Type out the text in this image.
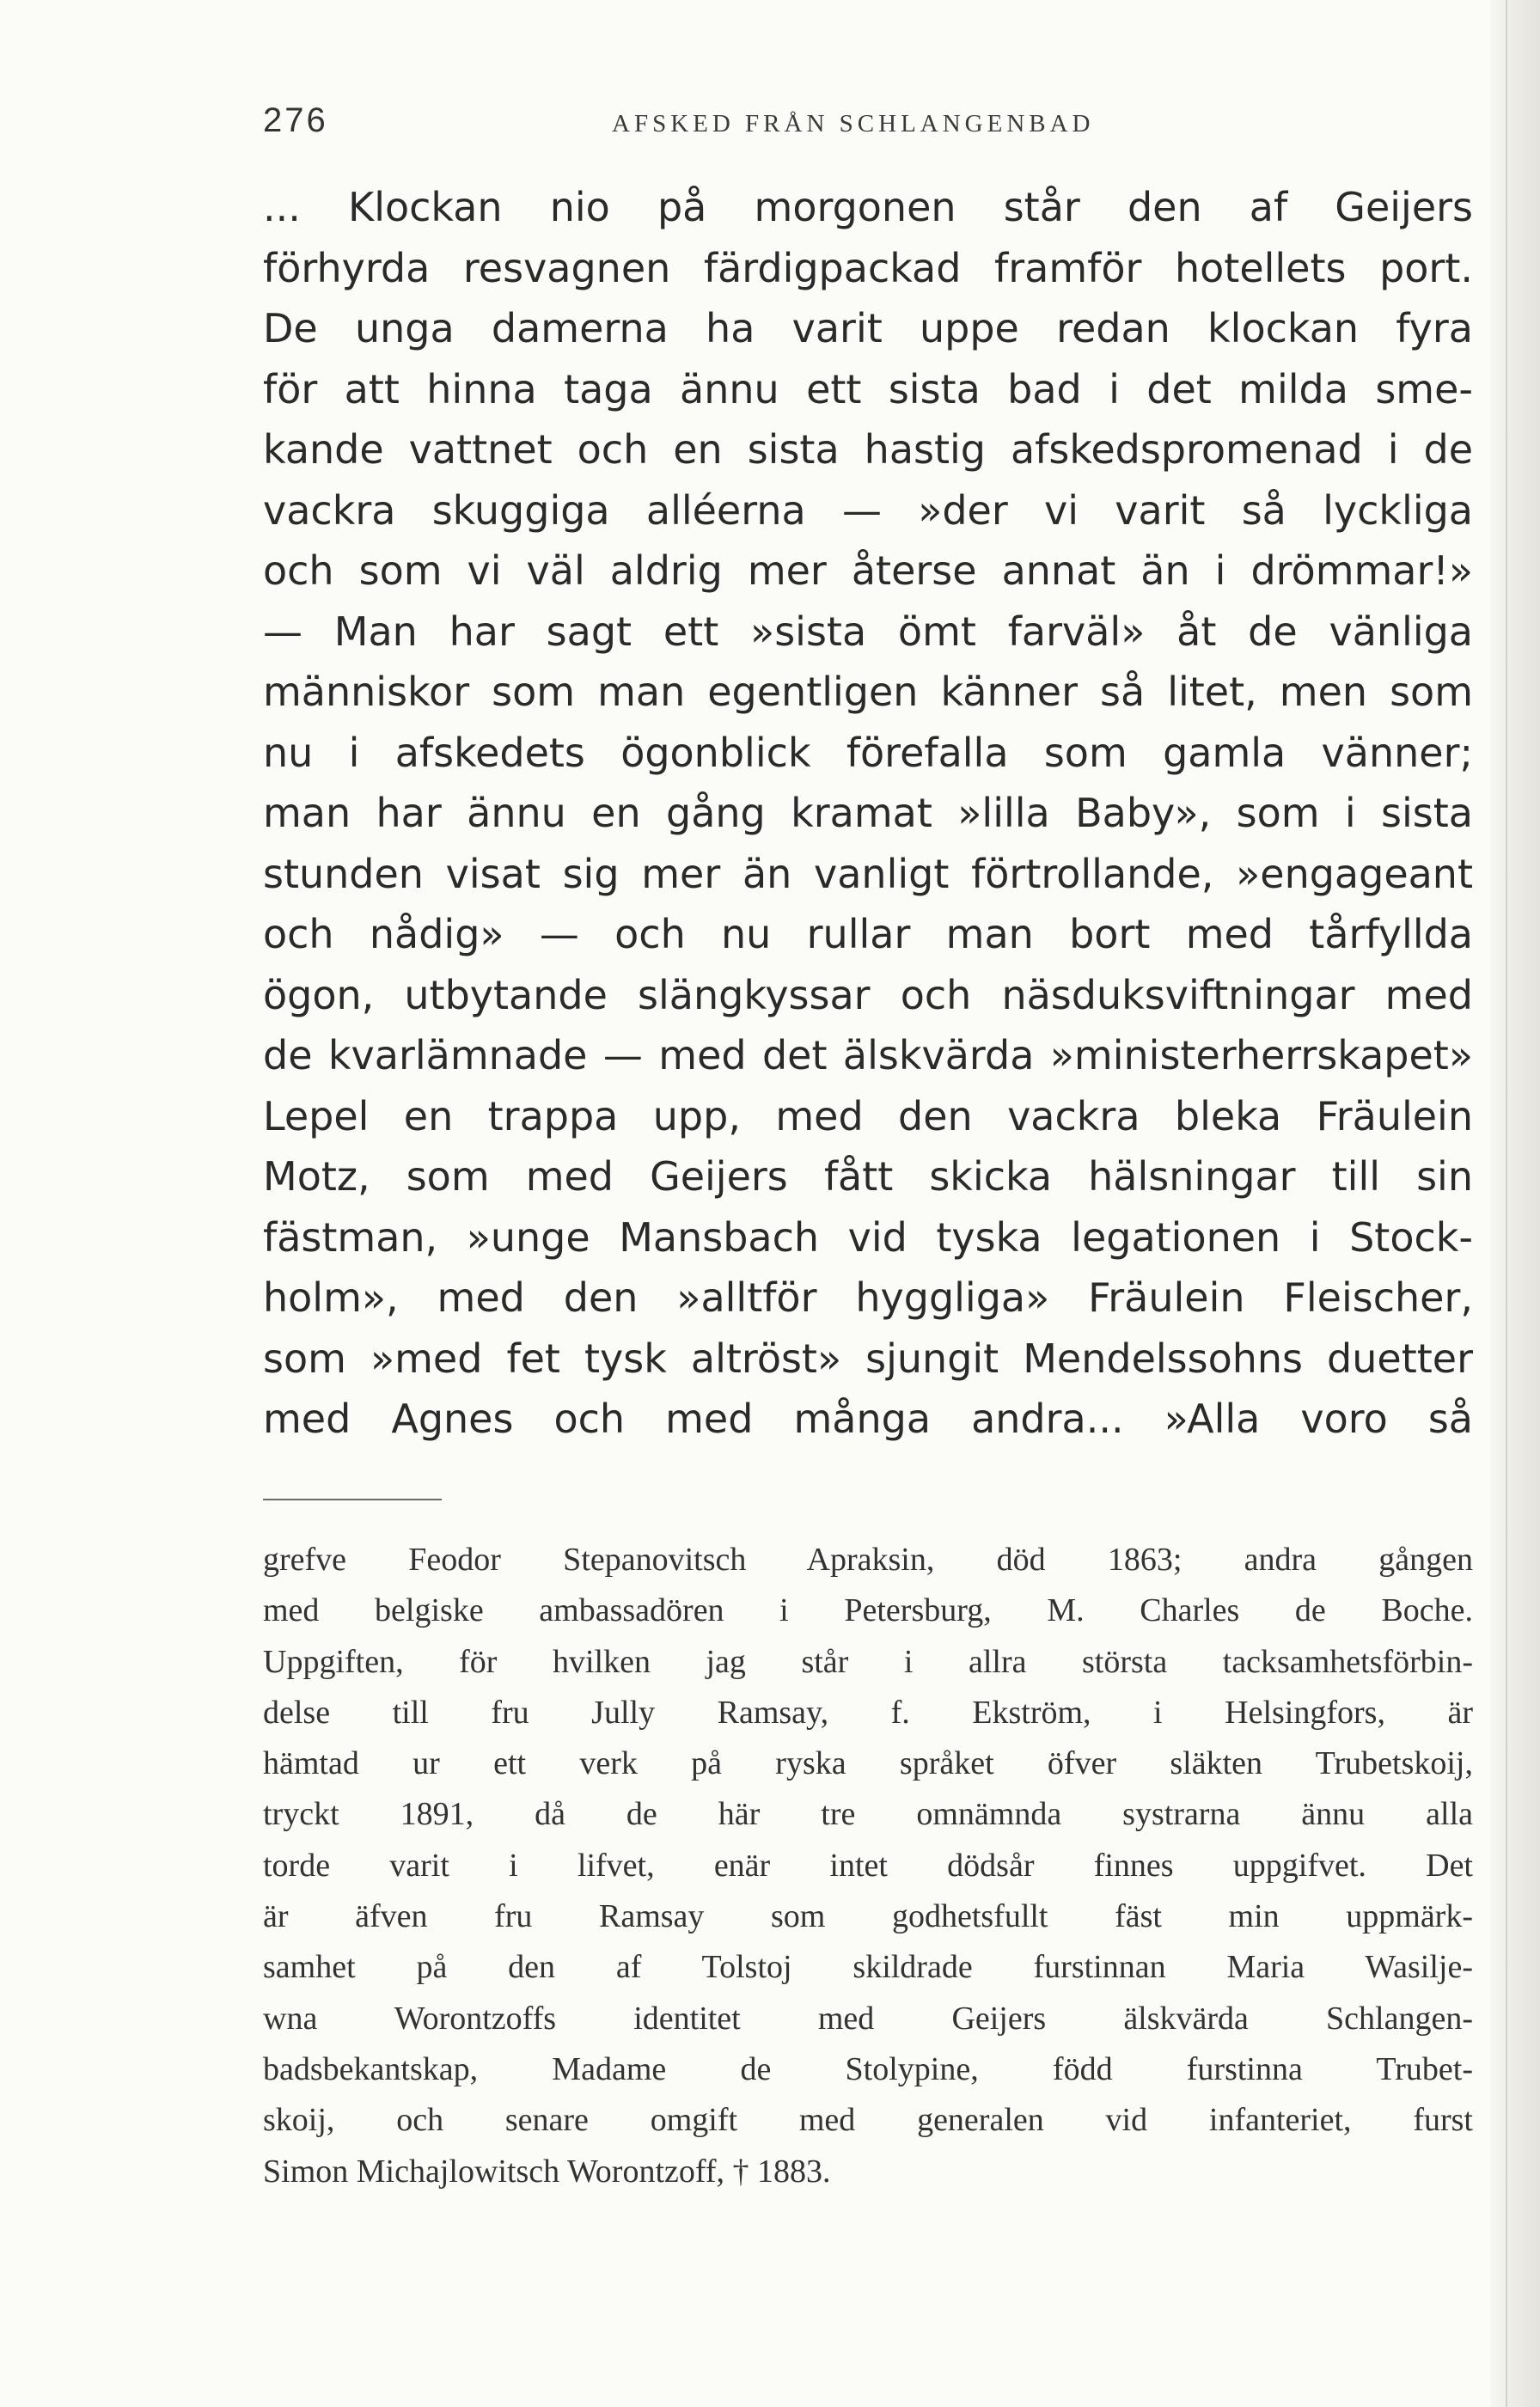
276	AFSKED FRÅN SCHLANGENBAD
... Klockan nio på morgonen står den af Geijers
förhyrda resvagnen färdigpackad framför hotellets port.
De unga damerna ha varit uppe redan klockan fyra
för att hinna taga ännu ett sista bad i det milda sme-
kande vattnet och en sista hastig afskedspromenad i de
vackra skuggiga alléerna — »der vi varit så lyckliga
och som vi väl aldrig mer återse annat än i drömmar!»
— Man har sagt ett »sista ömt farväl» åt de vänliga
människor som man egentligen känner så litet, men som
nu i afskedets ögonblick förefalla som gamla vänner;
man har ännu en gång kramat »lilla Baby», som i sista
stunden visat sig mer än vanligt förtrollande, »engageant
och nådig» — och nu rullar man bort med tårfyllda
ögon, utbytande slängkyssar och näsduksviftningar med
de kvarlämnade — med det älskvärda »ministerherrskapet»
Lepel en trappa upp, med den vackra bleka Fräulein
Motz, som med Geijers fått skicka hälsningar till sin
fästman, »unge Mansbach vid tyska legationen i Stock-
holm», med den »alltför hyggliga» Fräulein Fleischer,
som »med fet tysk altröst» sjungit Mendelssohns duetter
med Agnes och med många andra... »Alla voro så
grefve Feodor Stepanovitsch Apraksin, död 1863; andra gången
med belgiske ambassadören i Petersburg, M. Charles de Boche.
Uppgiften, för hvilken jag står i allra största tacksamhetsförbin-
delse till fru Jully Ramsay, f. Ekström, i Helsingfors, är
hämtad ur ett verk på ryska språket öfver släkten Trubetskoij,
tryckt 1891, då de här tre omnämnda systrarna ännu alla
torde varit i lifvet, enär intet dödsår finnes uppgifvet. Det
är äfven fru Ramsay som godhetsfullt fäst min uppmärk-
samhet på den af Tolstoj skildrade furstinnan Maria Wasilje-
wna Worontzoffs identitet med Geijers älskvärda Schlangen-
badsbekantskap, Madame de Stolypine, född furstinna Trubet-
skoij, och senare omgift med generalen vid infanteriet, furst
Simon Michajlowitsch Worontzoff, † 1883.
